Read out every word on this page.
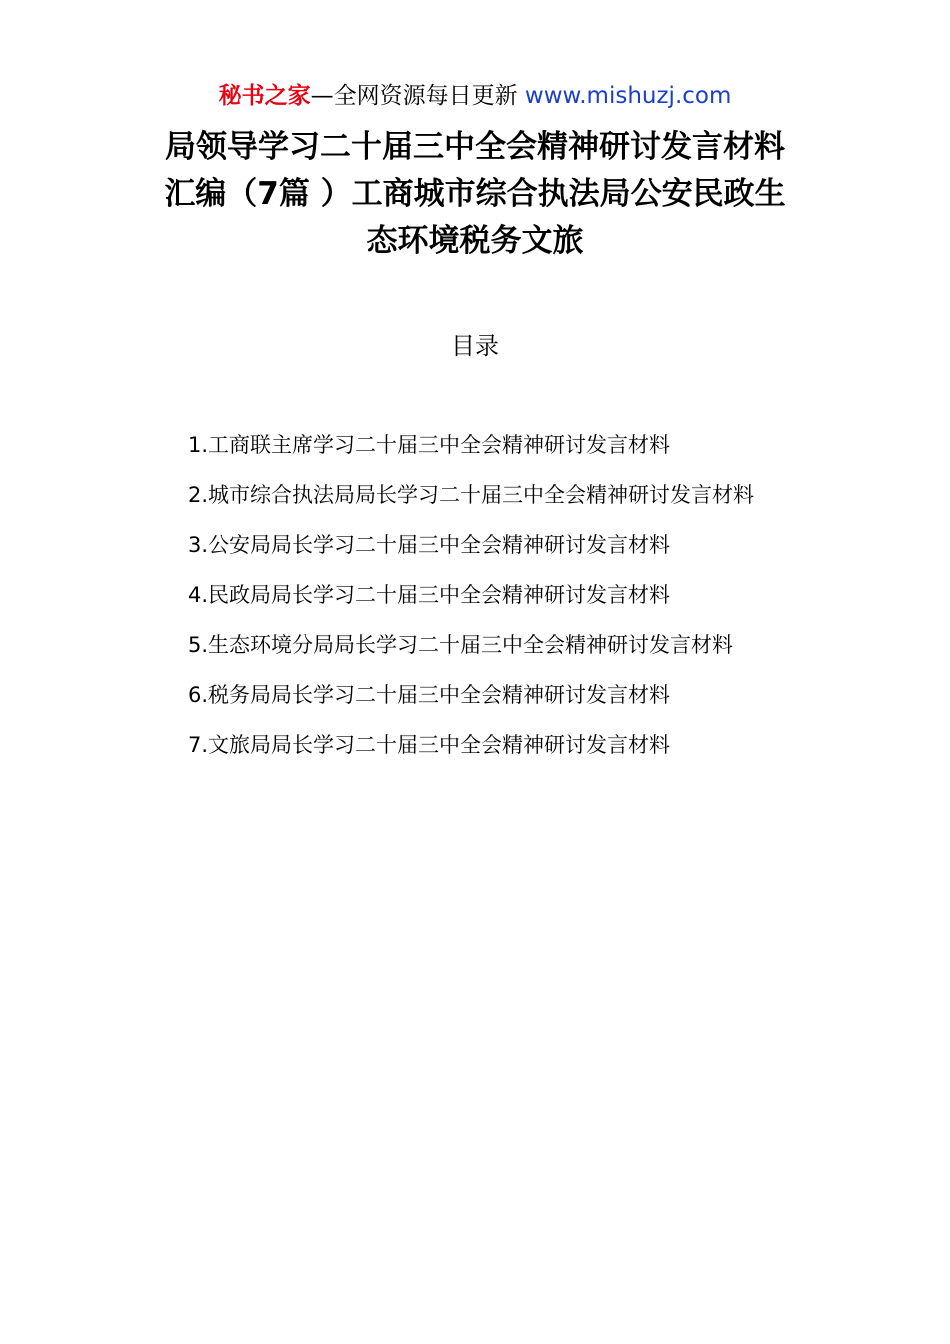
秘书之家—全网资源每日更新 www.mishuzj.com
局领导学习二十届三中全会精神研讨发言材料
汇编（7篇 ）工商城市综合执法局公安民政生
态环境税务文旅
目录
1.工商联主席学习二十届三中全会精神研讨发言材料
2.城市综合执法局局长学习二十届三中全会精神研讨发言材料
3.公安局局长学习二十届三中全会精神研讨发言材料
4.民政局局长学习二十届三中全会精神研讨发言材料
5.生态环境分局局长学习二十届三中全会精神研讨发言材料
6.税务局局长学习二十届三中全会精神研讨发言材料
7.文旅局局长学习二十届三中全会精神研讨发言材料
